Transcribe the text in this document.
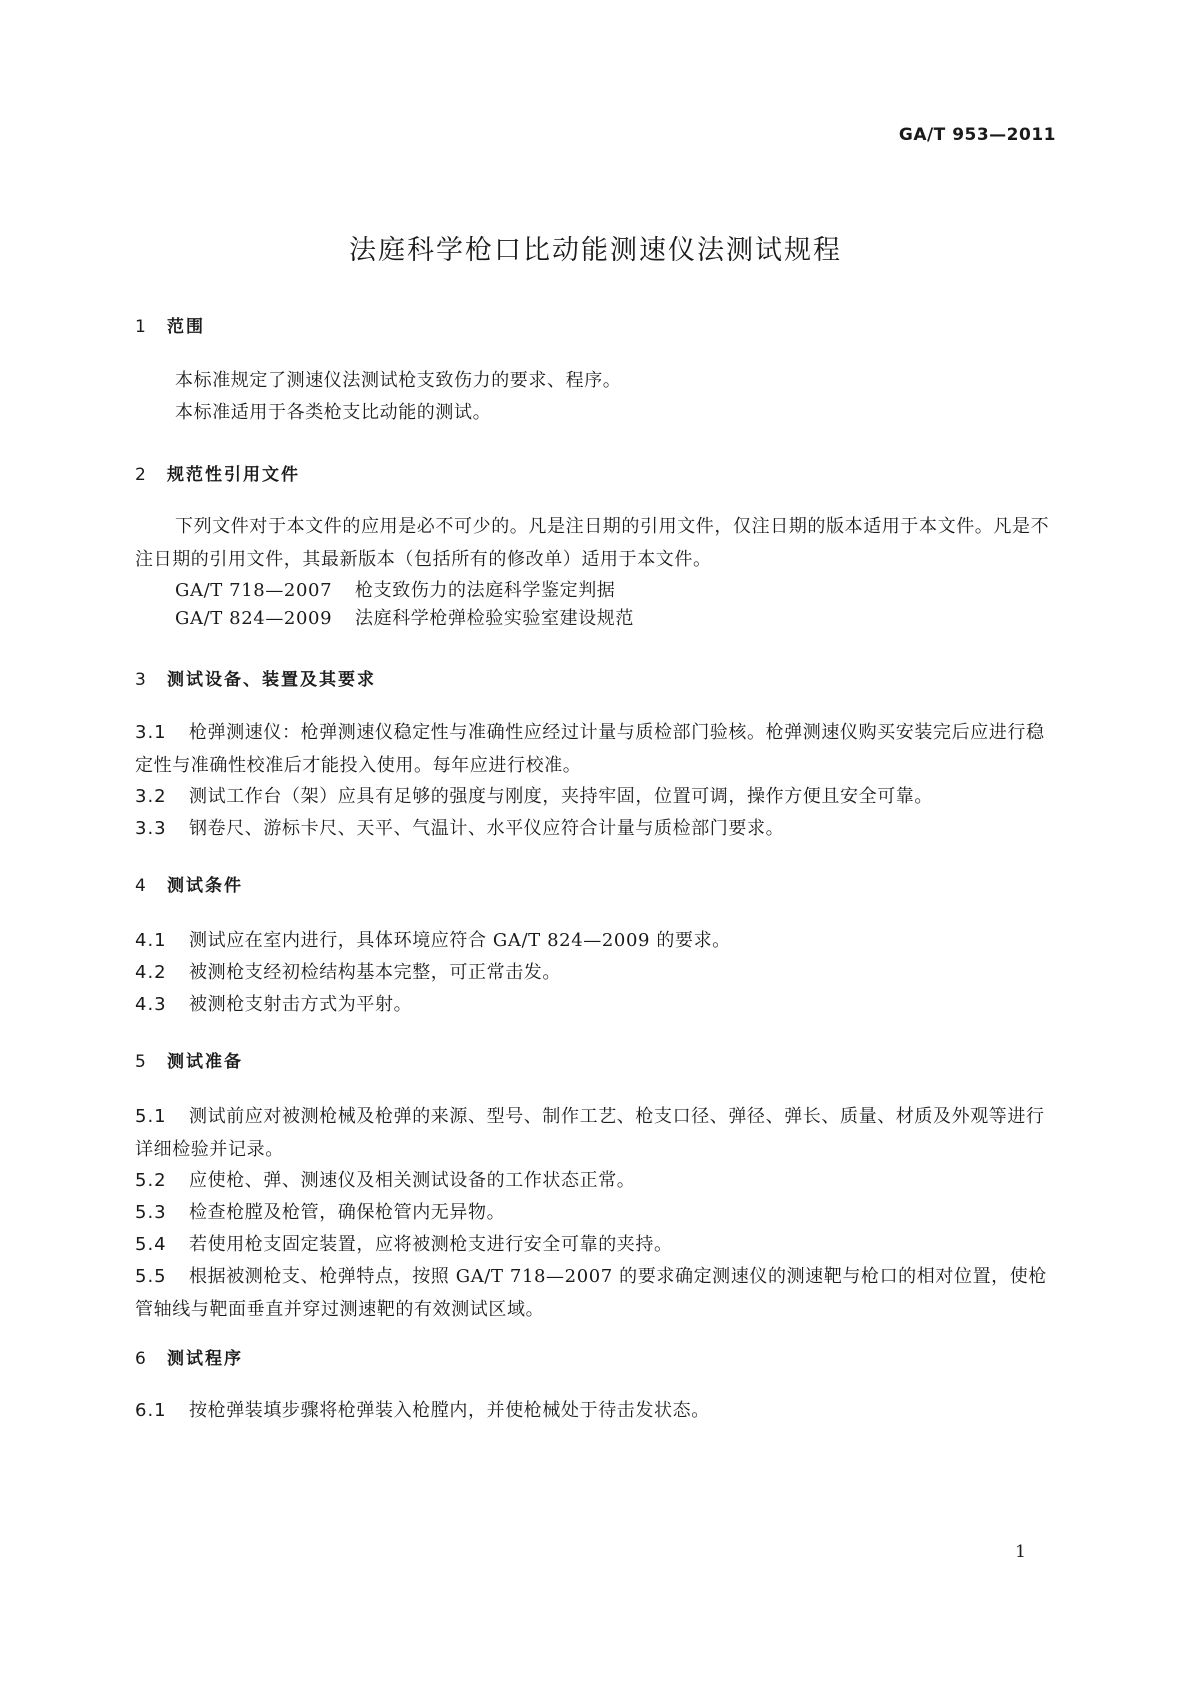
GA/T 953—2011
法庭科学枪口比动能测速仪法测试规程
1 范围
本标准规定了测速仪法测试枪支致伤力的要求、程序。
本标准适用于各类枪支比动能的测试。
2 规范性引用文件
下列文件对于本文件的应用是必不可少的。凡是注日期的引用文件，仅注日期的版本适用于本文件。凡是不注日期的引用文件，其最新版本（包括所有的修改单）适用于本文件。
GA/T 718—2007 枪支致伤力的法庭科学鉴定判据
GA/T 824—2009 法庭科学枪弹检验实验室建设规范
3 测试设备、装置及其要求
3.1 枪弹测速仪：枪弹测速仪稳定性与准确性应经过计量与质检部门验核。枪弹测速仪购买安装完后应进行稳定性与准确性校准后才能投入使用。每年应进行校准。
3.2 测试工作台（架）应具有足够的强度与刚度，夹持牢固，位置可调，操作方便且安全可靠。
3.3 钢卷尺、游标卡尺、天平、气温计、水平仪应符合计量与质检部门要求。
4 测试条件
4.1 测试应在室内进行，具体环境应符合 GA/T 824—2009 的要求。
4.2 被测枪支经初检结构基本完整，可正常击发。
4.3 被测枪支射击方式为平射。
5 测试准备
5.1 测试前应对被测枪械及枪弹的来源、型号、制作工艺、枪支口径、弹径、弹长、质量、材质及外观等进行详细检验并记录。
5.2 应使枪、弹、测速仪及相关测试设备的工作状态正常。
5.3 检查枪膛及枪管，确保枪管内无异物。
5.4 若使用枪支固定装置，应将被测枪支进行安全可靠的夹持。
5.5 根据被测枪支、枪弹特点，按照 GA/T 718—2007 的要求确定测速仪的测速靶与枪口的相对位置，使枪管轴线与靶面垂直并穿过测速靶的有效测试区域。
6 测试程序
6.1 按枪弹装填步骤将枪弹装入枪膛内，并使枪械处于待击发状态。
1
